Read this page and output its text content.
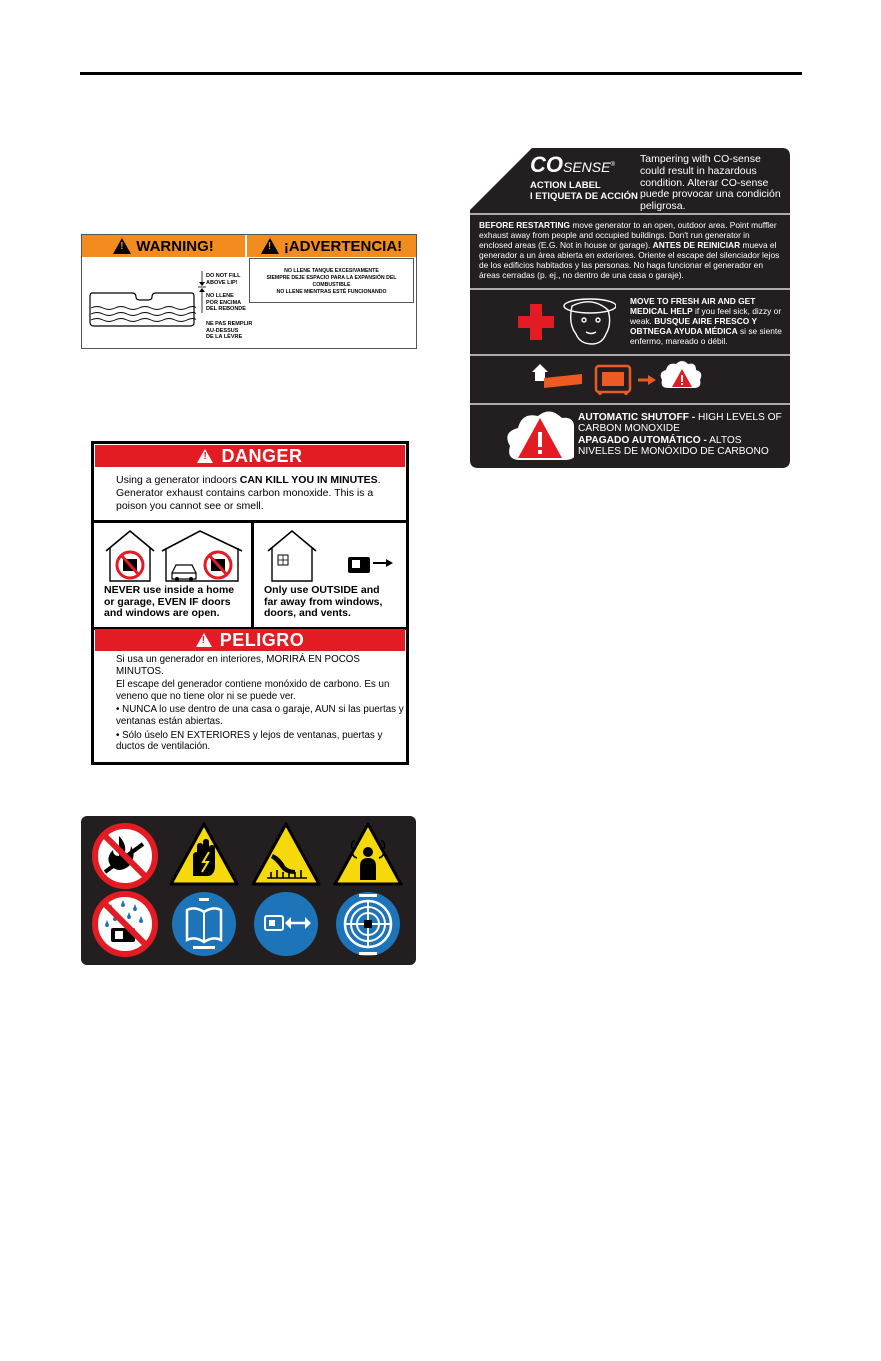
!
WARNING!
!	¡ADVERTENCIA!
DO NOT FILL
ABOVE LIP!
NO LLENE
POR ENCIMA
DEL REBONDE
NE PAS REMPLIR
AU-DESSUS
DE LA LÈVRE
NO LLENE TANQUE EXCESIVAMENTE
SIEMPRE DEJE ESPACIO PARA LA EXPANSIÓN DEL COMBUSTIBLE
NO LLENE MIENTRAS ESTÉ FUNCIONANDO
!
DANGER
Using a generator indoors CAN KILL YOU IN MINUTES.
Generator exhaust contains carbon monoxide. This is a poison you cannot see or smell.
NEVER use inside a home
or garage, EVEN IF doors
and windows are open.
Only use OUTSIDE and
far away from windows,
doors, and vents.
!
PELIGRO
Si usa un generador en interiores, MORIRÁ EN POCOS MINUTOS.
El escape del generador contiene monóxido de carbono. Es un veneno que no tiene olor ni se puede ver.
• NUNCA lo use dentro de una casa o garaje, AUN si las puertas y ventanas están abiertas.
• Sólo úselo EN EXTERIORES y lejos de ventanas, puertas y ductos de ventilación.
COSENSE®
ACTION LABEL
I ETIQUETA DE ACCIÓN
Tampering with CO-sense could result in hazardous condition. Alterar CO-sense puede provocar una condición peligrosa.
BEFORE RESTARTING move generator to an open, outdoor area. Point muffler exhaust away from people and occupied buildings. Don't run generator in enclosed areas (E.G. Not in house or garage). ANTES DE REINICIAR mueva el generador a un área abierta en exteriores. Oriente el escape del silenciador lejos de los edificios habitados y las personas. No haga funcionar el generador en áreas cerradas (p. ej., no dentro de una casa o garaje).
MOVE TO FRESH AIR AND GET MEDICAL HELP if you feel sick, dizzy or weak. BUSQUE AIRE FRESCO Y OBTNEGA AYUDA MÉDICA si se siente enfermo, mareado o débil.
AUTOMATIC SHUTOFF - HIGH LEVELS OF CARBON MONOXIDE
APAGADO AUTOMÁTICO - ALTOS NIVELES DE MONÓXIDO DE CARBONO
